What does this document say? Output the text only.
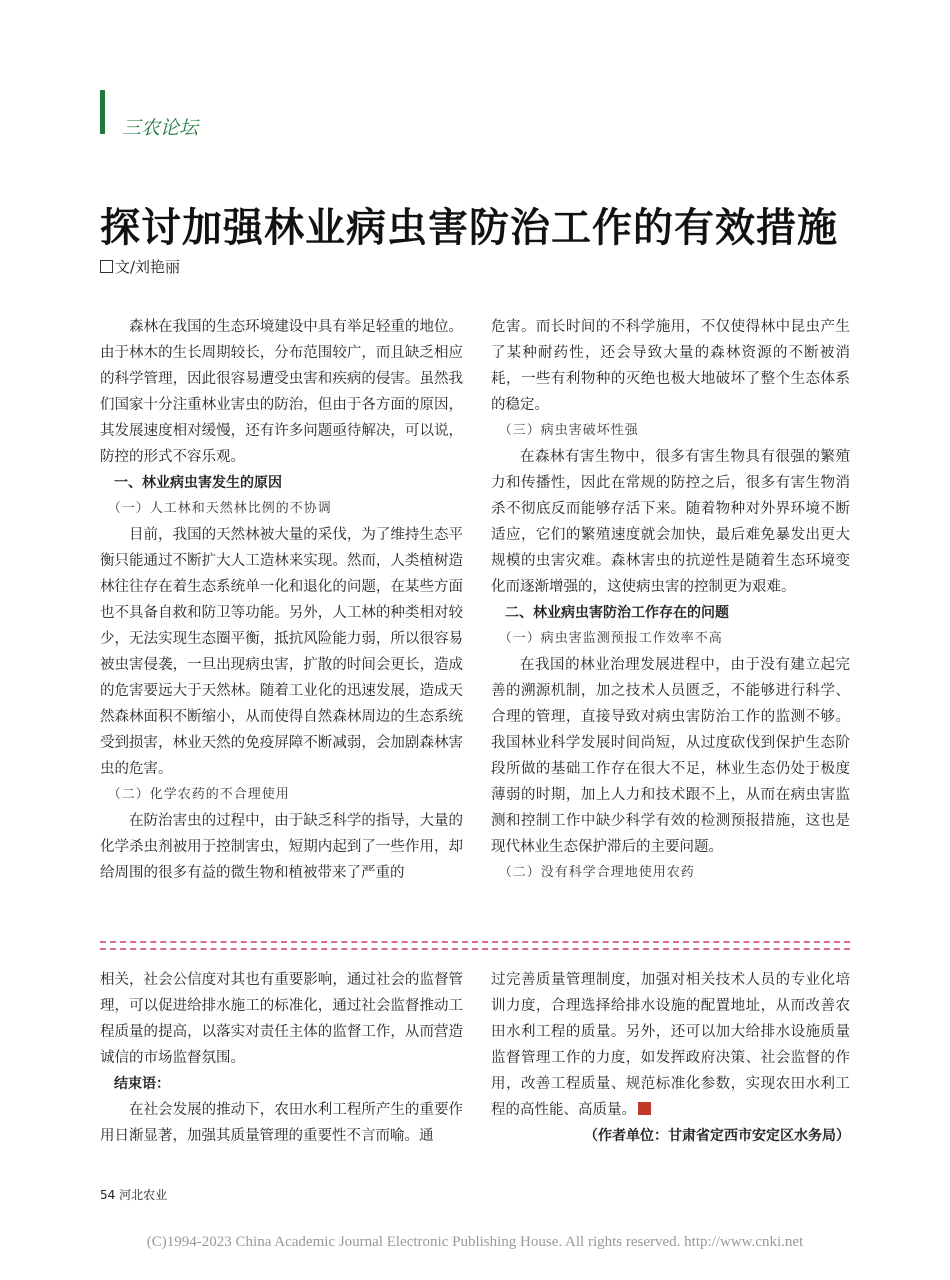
三农论坛
探讨加强林业病虫害防治工作的有效措施
文/刘艳丽

森林在我国的生态环境建设中具有举足轻重的地位。由于林木的生长周期较长，分布范围较广，而且缺乏相应的科学管理，因此很容易遭受虫害和疾病的侵害。虽然我们国家十分注重林业害虫的防治，但由于各方面的原因，其发展速度相对缓慢，还有许多问题亟待解决，可以说，防控的形式不容乐观。

一、林业病虫害发生的原因

（一）人工林和天然林比例的不协调

目前，我国的天然林被大量的采伐，为了维持生态平衡只能通过不断扩大人工造林来实现。然而，人类植树造林往往存在着生态系统单一化和退化的问题，在某些方面也不具备自救和防卫等功能。另外，人工林的种类相对较少，无法实现生态圈平衡，抵抗风险能力弱，所以很容易被虫害侵袭，一旦出现病虫害，扩散的时间会更长，造成的危害要远大于天然林。随着工业化的迅速发展，造成天然森林面积不断缩小，从而使得自然森林周边的生态系统受到损害，林业天然的免疫屏障不断减弱，会加剧森林害虫的危害。

（二）化学农药的不合理使用

在防治害虫的过程中，由于缺乏科学的指导，大量的化学杀虫剂被用于控制害虫，短期内起到了一些作用，却给周围的很多有益的微生物和植被带来了严重的

危害。而长时间的不科学施用，不仅使得林中昆虫产生了某种耐药性，还会导致大量的森林资源的不断被消耗，一些有利物种的灭绝也极大地破坏了整个生态体系的稳定。

（三）病虫害破坏性强

在森林有害生物中，很多有害生物具有很强的繁殖力和传播性，因此在常规的防控之后，很多有害生物消杀不彻底反而能够存活下来。随着物种对外界环境不断适应，它们的繁殖速度就会加快，最后难免暴发出更大规模的虫害灾难。森林害虫的抗逆性是随着生态环境变化而逐渐增强的，这使病虫害的控制更为艰难。

二、林业病虫害防治工作存在的问题

（一）病虫害监测预报工作效率不高

在我国的林业治理发展进程中，由于没有建立起完善的溯源机制，加之技术人员匮乏，不能够进行科学、合理的管理，直接导致对病虫害防治工作的监测不够。我国林业科学发展时间尚短，从过度砍伐到保护生态阶段所做的基础工作存在很大不足，林业生态仍处于极度薄弱的时期，加上人力和技术跟不上，从而在病虫害监测和控制工作中缺少科学有效的检测预报措施，这也是现代林业生态保护滞后的主要问题。

（二）没有科学合理地使用农药

相关，社会公信度对其也有重要影响，通过社会的监督管理，可以促进给排水施工的标准化，通过社会监督推动工程质量的提高，以落实对责任主体的监督工作，从而营造诚信的市场监督氛围。

结束语：

在社会发展的推动下，农田水利工程所产生的重要作用日渐显著，加强其质量管理的重要性不言而喻。通

过完善质量管理制度，加强对相关技术人员的专业化培训力度，合理选择给排水设施的配置地址，从而改善农田水利工程的质量。另外，还可以加大给排水设施质量监督管理工作的力度，如发挥政府决策、社会监督的作用，改善工程质量、规范标准化参数，实现农田水利工程的高性能、高质量。

（作者单位：甘肃省定西市安定区水务局）

54 河北农业
(C)1994-2023 China Academic Journal Electronic Publishing House. All rights reserved. http://www.cnki.net
